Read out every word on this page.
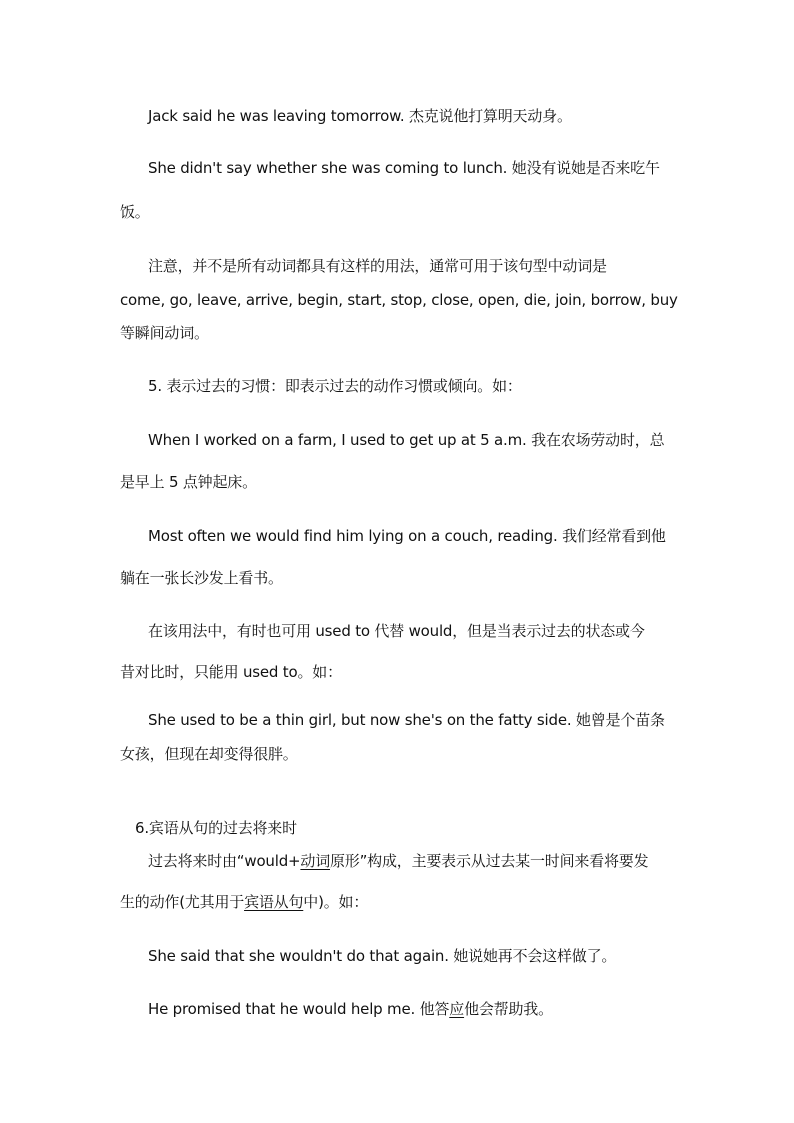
Jack said he was leaving tomorrow. 杰克说他打算明天动身。
She didn't say whether she was coming to lunch. 她没有说她是否来吃午
饭。
注意，并不是所有动词都具有这样的用法，通常可用于该句型中动词是
come, go, leave, arrive, begin, start, stop, close, open, die, join, borrow, buy
等瞬间动词。
5. 表示过去的习惯：即表示过去的动作习惯或倾向。如：
When I worked on a farm, I used to get up at 5 a.m. 我在农场劳动时，总
是早上 5 点钟起床。
Most often we would find him lying on a couch, reading. 我们经常看到他
躺在一张长沙发上看书。
在该用法中，有时也可用 used to 代替 would，但是当表示过去的状态或今
昔对比时，只能用 used to。如：
She used to be a thin girl, but now she's on the fatty side. 她曾是个苗条
女孩，但现在却变得很胖。
6.宾语从句的过去将来时
过去将来时由“would+动词原形”构成，主要表示从过去某一时间来看将要发
生的动作(尤其用于宾语从句中)。如：
She said that she wouldn't do that again. 她说她再不会这样做了。
He promised that he would help me. 他答应他会帮助我。
